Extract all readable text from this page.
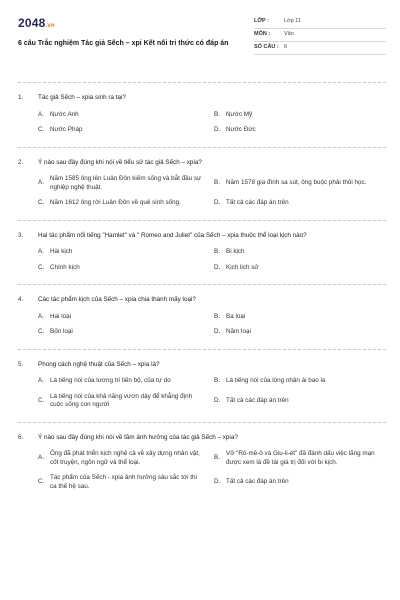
2048.vn
6 câu Trắc nghiệm Tác giả Sếch – xpi Kết nối tri thức có đáp án
LỚP :	Lớp 11
MÔN :	Văn
SỐ CÂU : 6
1.	Tác giả Sếch – xpia sinh ra tại?
A. Nước Anh	B. Nước Mỹ
C. Nước Pháp	D. Nước Đức
2.	Ý nào sau đây đúng khi nói về tiểu sử tác giả Sếch – xpia?
A.
Năm 1585 ông lên Luân Đôn kiếm sống và bắt đầu sự nghiệp nghệ thuật.
B. Năm 1578 gia đình sa sút, ông buộc phải thôi học.
C. Năm 1612 ông rời Luân Đôn về quê sinh sống.	D. Tất cả các đáp án trên
3.	Hai tác phẩm nổi tiếng "Hamlet" và " Romeo and Juliet" của Sếch – xpia thuộc thể loại kịch nào?
A. Hài kịch	B. Bi kịch
C. Chính kịch	D. Kịch lịch sử
4.	Các tác phẩm kịch của Sếch – xpia chia thành mấy loại?
A. Hai loại	B. Ba loại
C. Bốn loại	D. Năm loại
5.	Phong cách nghệ thuật của Sếch – xpia là?
A. Là tiếng nói của lương tri tiến bộ, của tự do	B. Là tiếng nói của lòng nhân ái bao la
C.
Là tiếng nói của khả năng vươn dậy để khẳng định cuộc sống con người
D. Tất cả các đáp án trên
6.	Ý nào sau đây đúng khi nói về tầm ảnh hưởng của tác giả Sếch – xpia?
A.
Ông đã phát triển kịch nghệ cả về xây dựng nhân vật, cốt truyện, ngôn ngữ và thể loại.
B.
Vở "Rô-mê-ô và Giu-li-ét" đã đánh dấu việc lãng mạn được xem là đề tài giá trị đối với bi kịch.
C.
Tác phẩm của Sếch - xpia ảnh hưởng sâu sắc tới thi ca thế hệ sau.
D. Tất cả các đáp án trên
